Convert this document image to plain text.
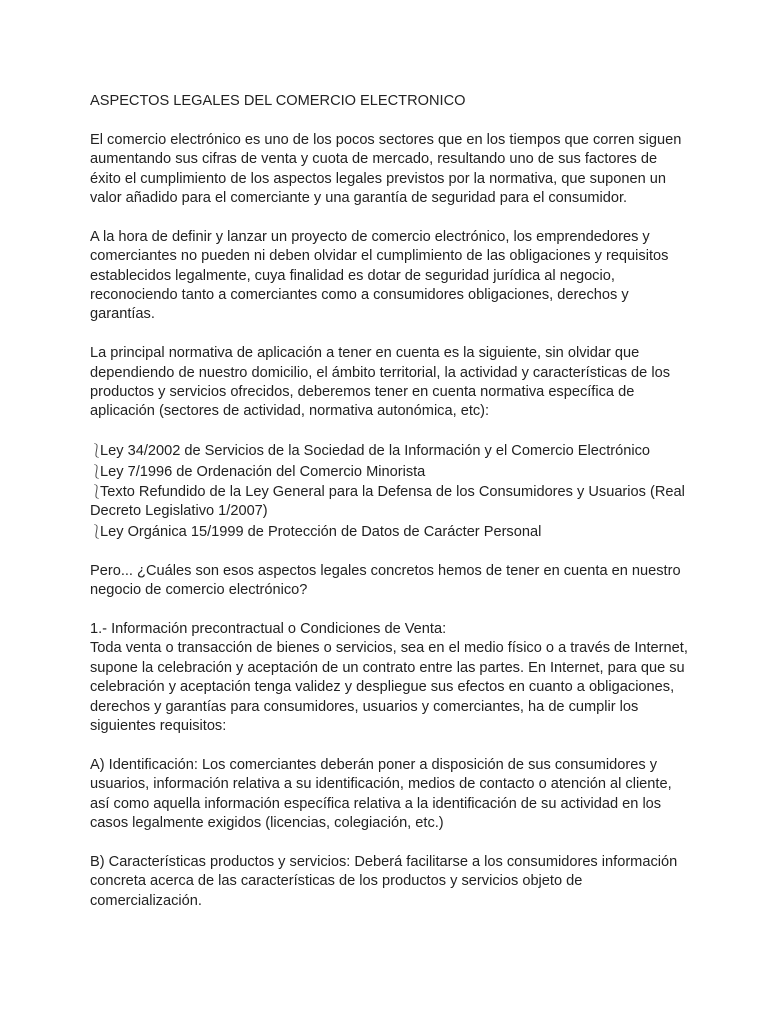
ASPECTOS LEGALES DEL COMERCIO ELECTRONICO

El comercio electrónico es uno de los pocos sectores que en los tiempos que corren siguen aumentando sus cifras de venta y cuota de mercado, resultando uno de sus factores de éxito el cumplimiento de los aspectos legales previstos por la normativa, que suponen un valor añadido para el comerciante y una garantía de seguridad para el consumidor.

A la hora de definir y lanzar un proyecto de comercio electrónico, los emprendedores y comerciantes no pueden ni deben olvidar el cumplimiento de las obligaciones y requisitos establecidos legalmente, cuya finalidad es dotar de seguridad jurídica al negocio, reconociendo tanto a comerciantes como a consumidores obligaciones, derechos y garantías.

La principal normativa de aplicación a tener en cuenta es la siguiente, sin olvidar que dependiendo de nuestro domicilio, el ámbito territorial, la actividad y características de los productos y servicios ofrecidos, deberemos tener en cuenta normativa específica de aplicación (sectores de actividad, normativa autonómica, etc):

⎱Ley 34/2002 de Servicios de la Sociedad de la Información y el Comercio Electrónico
⎱Ley 7/1996 de Ordenación del Comercio Minorista
⎱Texto Refundido de la Ley General para la Defensa de los Consumidores y Usuarios (Real Decreto Legislativo 1/2007)
⎱Ley Orgánica 15/1999 de Protección de Datos de Carácter Personal

Pero... ¿Cuáles son esos aspectos legales concretos hemos de tener en cuenta en nuestro negocio de comercio electrónico?

1.- Información precontractual o Condiciones de Venta:
Toda venta o transacción de bienes o servicios, sea en el medio físico o a través de Internet, supone la celebración y aceptación de un contrato entre las partes. En Internet, para que su celebración y aceptación tenga validez y despliegue sus efectos en cuanto a obligaciones, derechos y garantías para consumidores, usuarios y comerciantes, ha de cumplir los siguientes requisitos:

A) Identificación: Los comerciantes deberán poner a disposición de sus consumidores y usuarios, información relativa a su identificación, medios de contacto o atención al cliente, así como aquella información específica relativa a la identificación de su actividad en los casos legalmente exigidos (licencias, colegiación, etc.)

B) Características productos y servicios: Deberá facilitarse a los consumidores información concreta acerca de las características de los productos y servicios objeto de comercialización.
